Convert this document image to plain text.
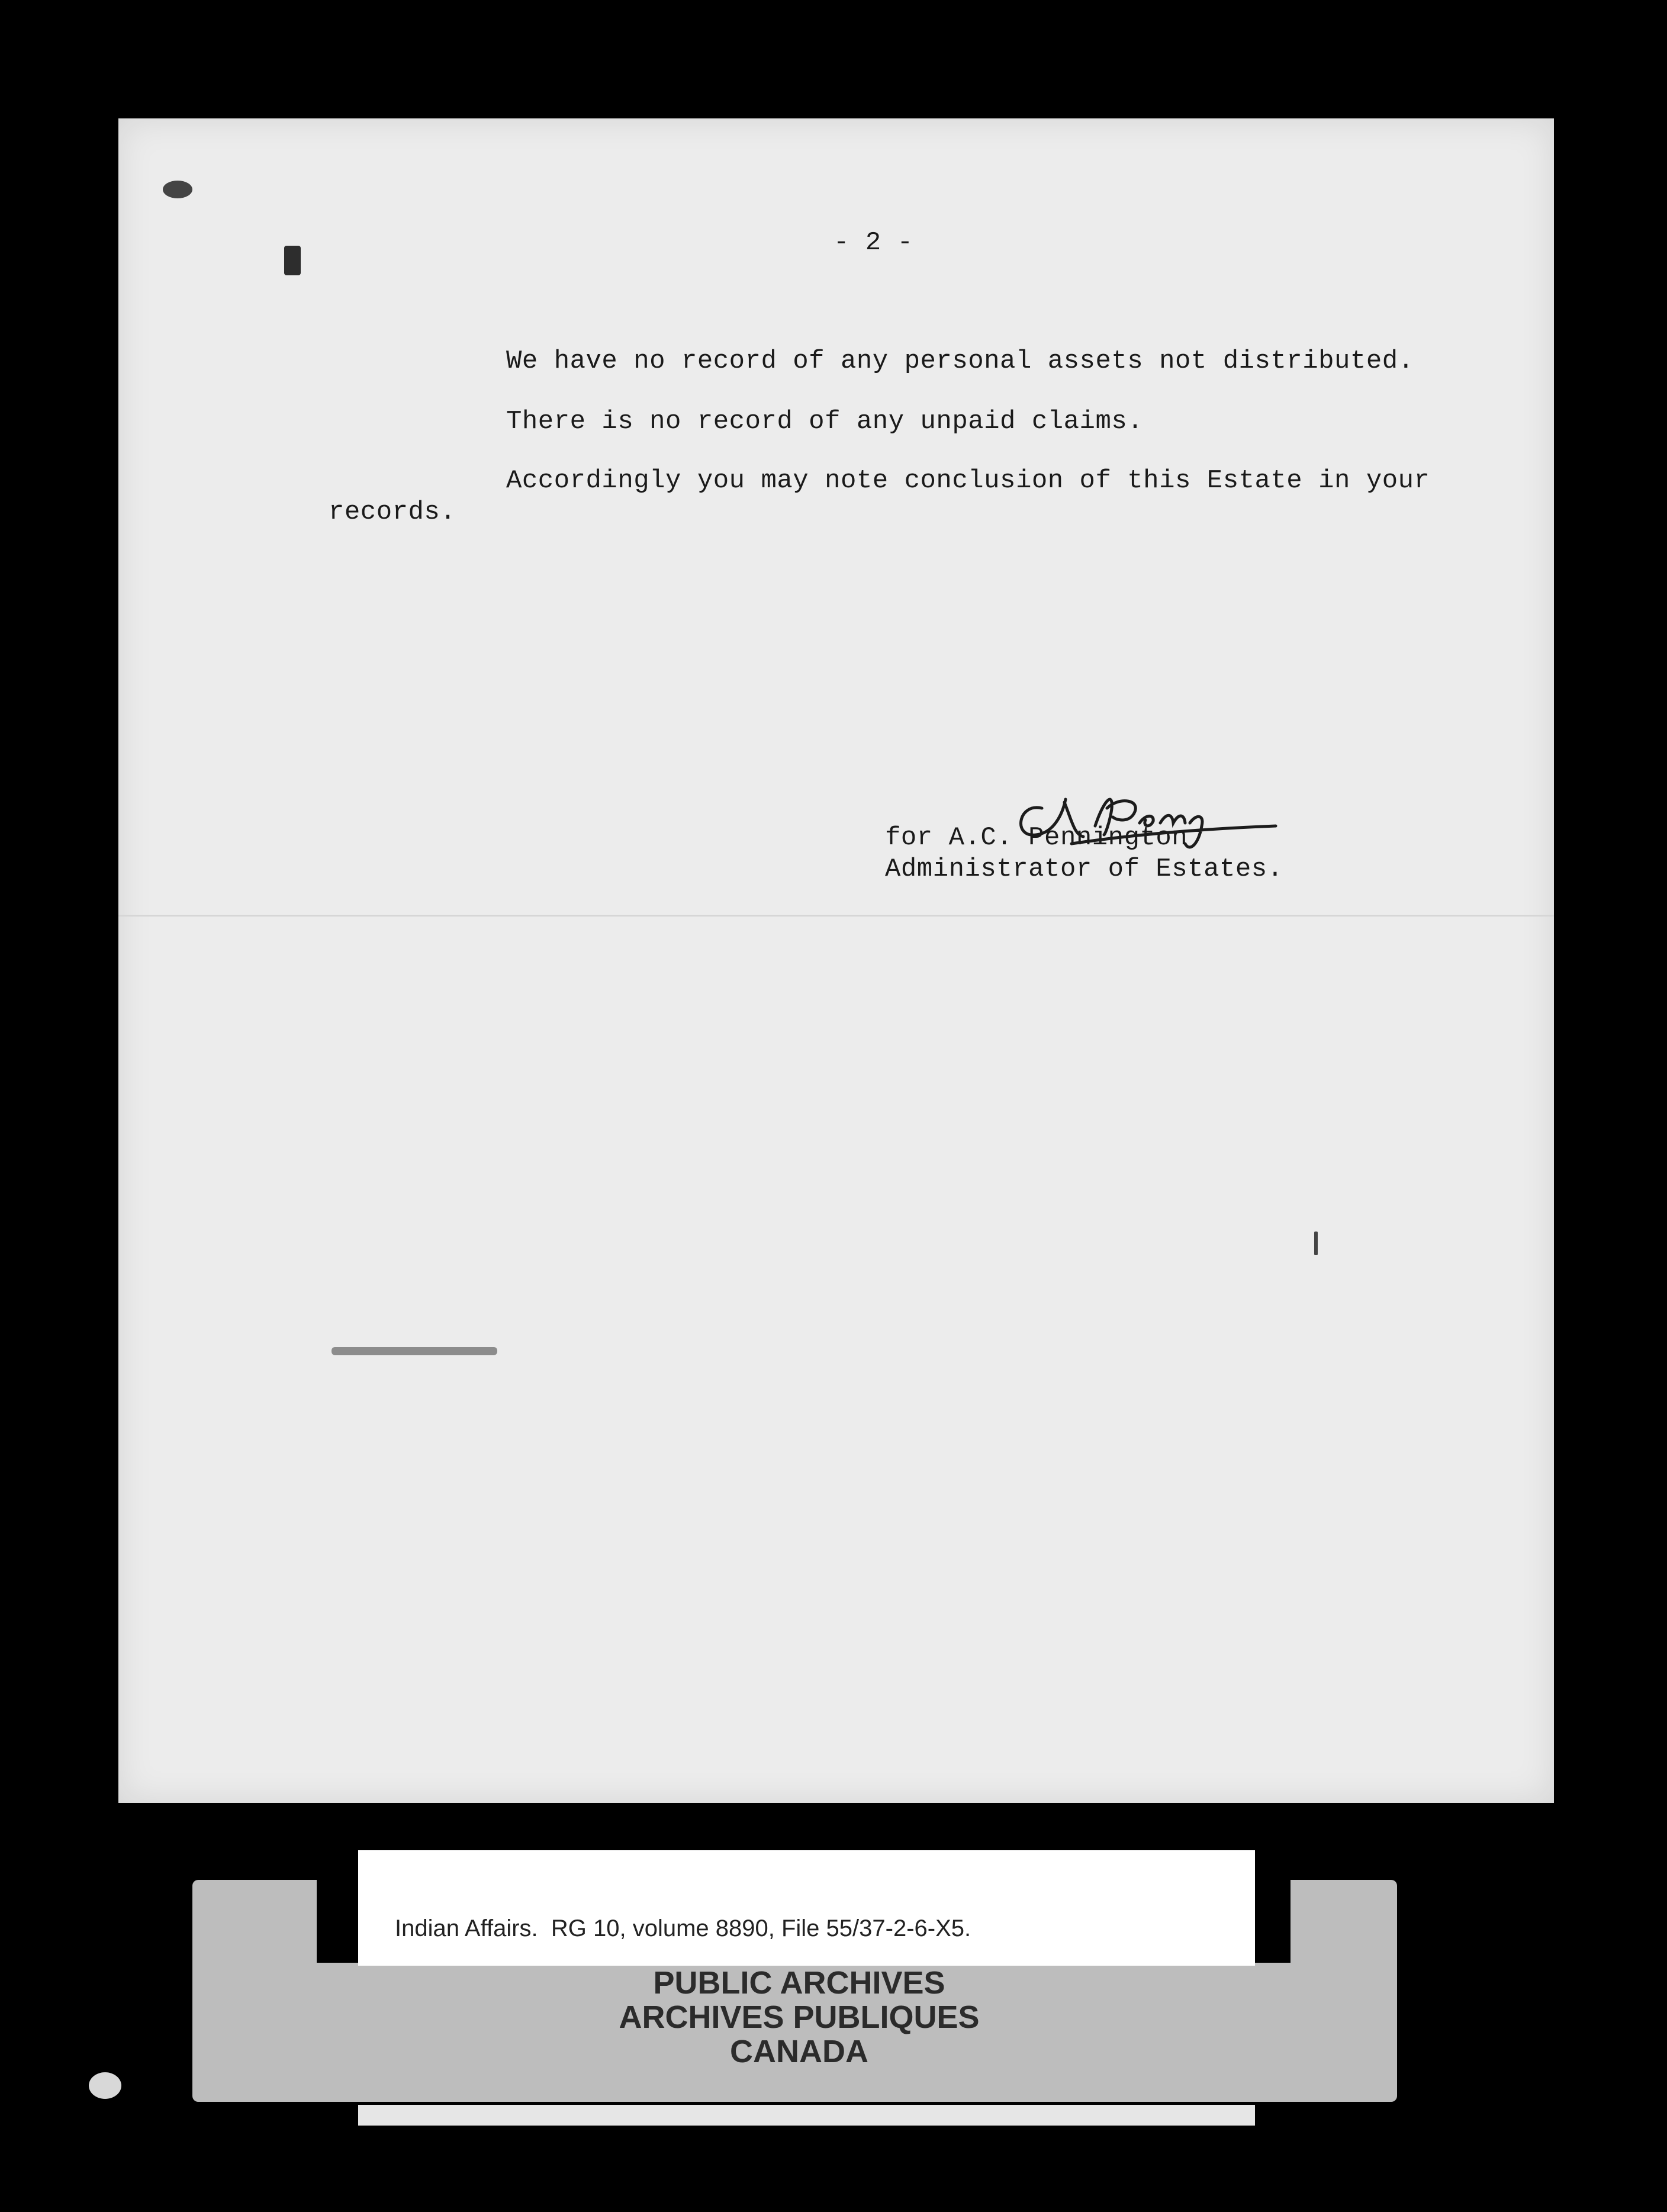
- 2 -
We have no record of any personal assets not distributed.
There is no record of any unpaid claims.
Accordingly you may note conclusion of this Estate in your
records.
for A.C. Pennington
Administrator of Estates.
Indian Affairs.  RG 10, volume 8890, File 55/37-2-6-X5.
PUBLIC ARCHIVES
ARCHIVES PUBLIQUES
CANADA
